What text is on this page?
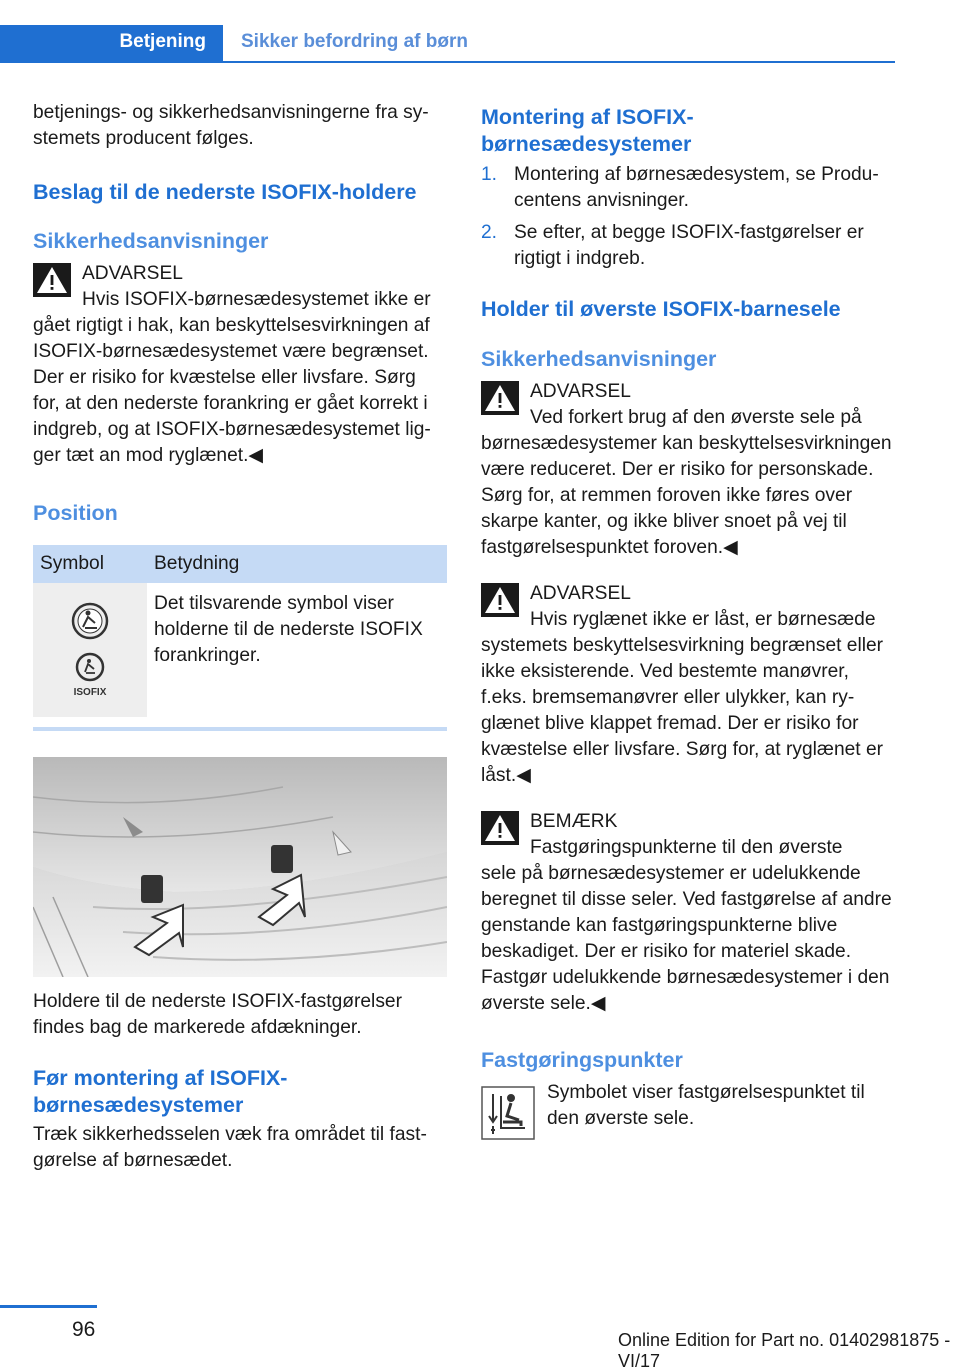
Betjening Sikker befordring af børn

betjenings- og sikkerhedsanvisningerne fra systemets producent følges.

Beslag til de nederste ISOFIX-holdere
Sikkerhedsanvisninger
ADVARSEL
Hvis ISOFIX-børnesædesystemet ikke er
gået rigtigt i hak, kan beskyttelsesvirkningen af ISOFIX-børnesædesystemet være begrænset. Der er risiko for kvæstelse eller livsfare. Sørg for, at den nederste forankring er gået korrekt i indgreb, og at ISOFIX-børnesædesystemet ligger tæt an mod ryglænet.◀
Position
Symbol	Betydning

ISOFIX	Det tilsvarende symbol viser holderne til de nederste ISOFIX forankringer.

Holdere til de nederste ISOFIX-fastgørelser findes bag de markerede afdækninger.

Før montering af ISOFIX-børnesædesystemer

Træk sikkerhedsselen væk fra området til fastgørelse af børnesædet.

Montering af ISOFIX-børnesædesystemer
1. Montering af børnesædesystem, se Producentens anvisninger.
2. Se efter, at begge ISOFIX-fastgørelser er rigtigt i indgreb.
Holder til øverste ISOFIX-barnesele
Sikkerhedsanvisninger
ADVARSEL
Ved forkert brug af den øverste sele på
børnesædesystemer kan beskyttelsesvirkningen være reduceret. Der er risiko for personskade. Sørg for, at remmen foroven ikke føres over skarpe kanter, og ikke bliver snoet på vej til fastgørelsespunktet foroven.◀
ADVARSEL
Hvis ryglænet ikke er låst, er børnesæde
systemets beskyttelsesvirkning begrænset eller ikke eksisterende. Ved bestemte manøvrer, f.eks. bremsemanøvrer eller ulykker, kan ryglænet blive klappet fremad. Der er risiko for kvæstelse eller livsfare. Sørg for, at ryglænet er låst.◀
BEMÆRK
Fastgøringspunkterne til den øverste
sele på børnesædesystemer er udelukkende beregnet til disse seler. Ved fastgørelse af andre genstande kan fastgøringspunkterne blive beskadiget. Der er risiko for materiel skade. Fastgør udelukkende børnesædesystemer i den øverste sele.◀
Fastgøringspunkter

Symbolet viser fastgørelsespunktet til den øverste sele.

96	Online Edition for Part no. 01402981875 - VI/17
